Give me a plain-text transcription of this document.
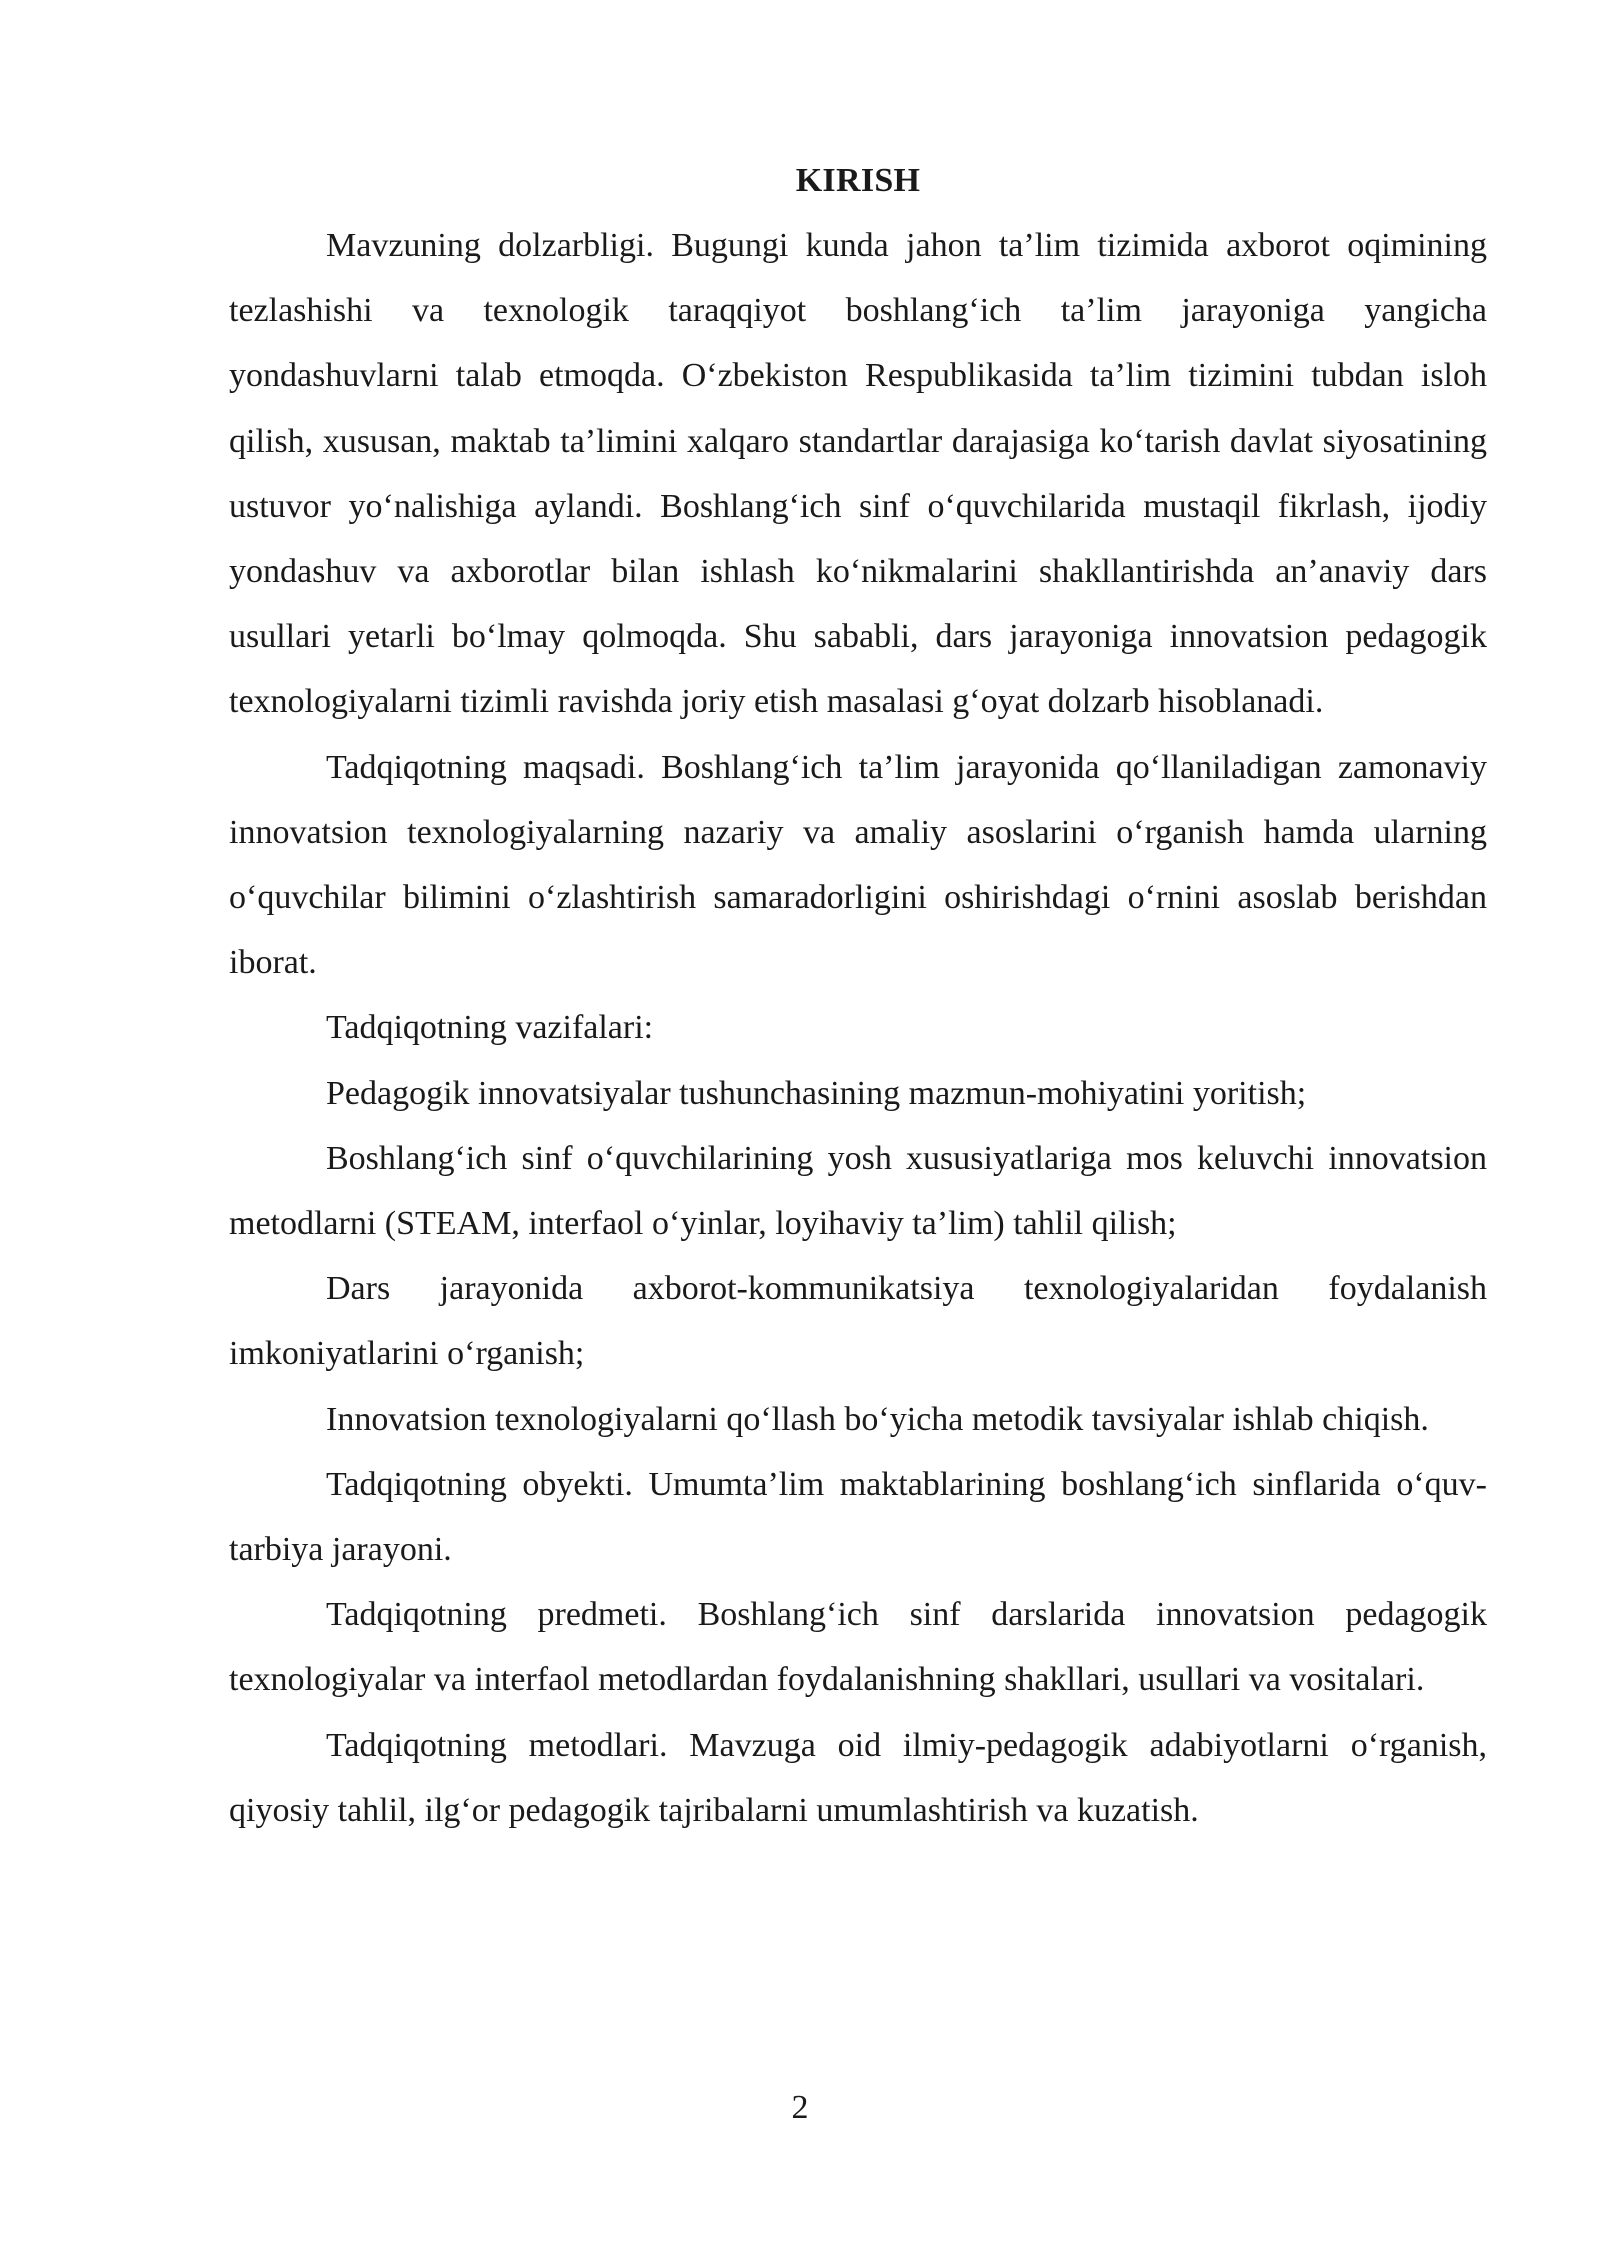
KIRISH

Mavzuning dolzarbligi. Bugungi kunda jahon ta’lim tizimida axborot oqimining tezlashishi va texnologik taraqqiyot boshlang‘ich ta’lim jarayoniga yangicha yondashuvlarni talab etmoqda. O‘zbekiston Respublikasida ta’lim tizimini tubdan isloh qilish, xususan, maktab ta’limini xalqaro standartlar darajasiga ko‘tarish davlat siyosatining ustuvor yo‘nalishiga aylandi. Boshlang‘ich sinf o‘quvchilarida mustaqil fikrlash, ijodiy yondashuv va axborotlar bilan ishlash ko‘nikmalarini shakllantirishda an’anaviy dars usullari yetarli bo‘lmay qolmoqda. Shu sababli, dars jarayoniga innovatsion pedagogik texnologiyalarni tizimli ravishda joriy etish masalasi g‘oyat dolzarb hisoblanadi.

Tadqiqotning maqsadi. Boshlang‘ich ta’lim jarayonida qo‘llaniladigan zamonaviy innovatsion texnologiyalarning nazariy va amaliy asoslarini o‘rganish hamda ularning o‘quvchilar bilimini o‘zlashtirish samaradorligini oshirishdagi o‘rnini asoslab berishdan iborat.

Tadqiqotning vazifalari:

Pedagogik innovatsiyalar tushunchasining mazmun-mohiyatini yoritish;

Boshlang‘ich sinf o‘quvchilarining yosh xususiyatlariga mos keluvchi innovatsion metodlarni (STEAM, interfaol o‘yinlar, loyihaviy ta’lim) tahlil qilish;

Dars jarayonida axborot-kommunikatsiya texnologiyalaridan foydalanish imkoniyatlarini o‘rganish;

Innovatsion texnologiyalarni qo‘llash bo‘yicha metodik tavsiyalar ishlab chiqish.

Tadqiqotning obyekti. Umumta’lim maktablarining boshlang‘ich sinflarida o‘quv-tarbiya jarayoni.

Tadqiqotning predmeti. Boshlang‘ich sinf darslarida innovatsion pedagogik texnologiyalar va interfaol metodlardan foydalanishning shakllari, usullari va vositalari.

Tadqiqotning metodlari. Mavzuga oid ilmiy-pedagogik adabiyotlarni o‘rganish, qiyosiy tahlil, ilg‘or pedagogik tajribalarni umumlashtirish va kuzatish.

2
